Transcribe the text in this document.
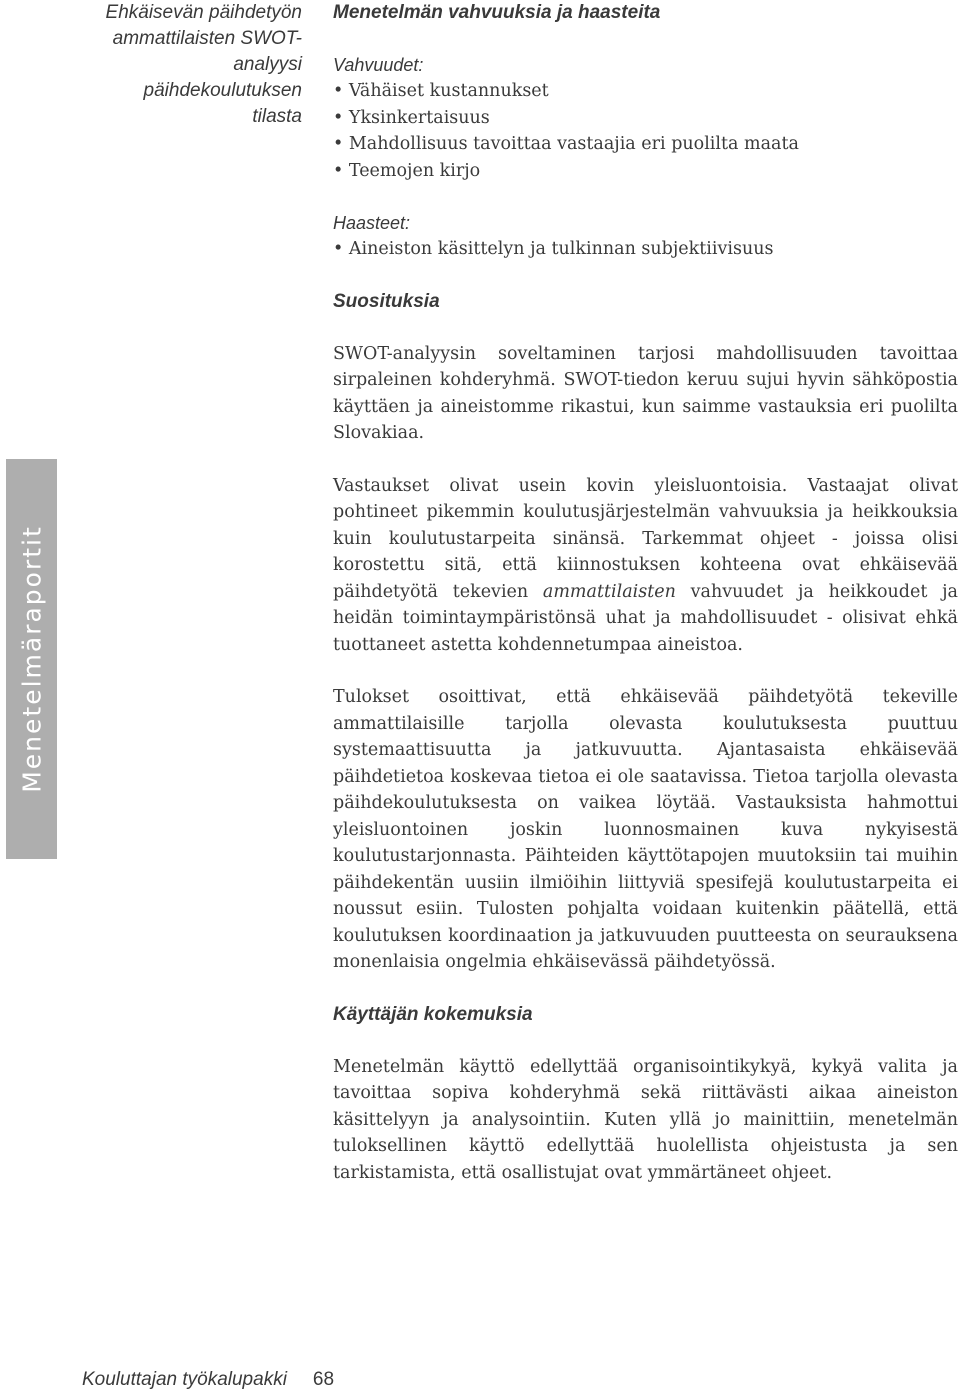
Ehkäisevän päihdetyön
ammattilaisten SWOT-
analyysi
päihdekoulutuksen
tilasta
Menetelmäraportit
Menetelmän vahvuuksia ja haasteita
Vahvuudet:
• Vähäiset kustannukset
• Yksinkertaisuus
• Mahdollisuus tavoittaa vastaajia eri puolilta maata
• Teemojen kirjo
Haasteet:
• Aineiston käsittelyn ja tulkinnan subjektiivisuus
Suosituksia

SWOT-analyysin soveltaminen tarjosi mahdollisuuden tavoittaa sirpaleinen kohderyhmä. SWOT-tiedon keruu sujui hyvin sähköpostia käyttäen ja aineistomme rikastui, kun saimme vastauksia eri puolilta Slovakiaa.

Vastaukset olivat usein kovin yleisluontoisia. Vastaajat olivat pohtineet pikemmin koulutusjärjestelmän vahvuuksia ja heikkouksia kuin koulutustarpeita sinänsä. Tarkemmat ohjeet - joissa olisi korostettu sitä, että kiinnostuksen kohteena ovat ehkäisevää päihdetyötä tekevien ammattilaisten vahvuudet ja heikkoudet ja heidän toimintaympäristönsä uhat ja mahdollisuudet - olisivat ehkä tuottaneet astetta kohdennetumpaa aineistoa.

Tulokset osoittivat, että ehkäisevää päihdetyötä tekeville ammattilaisille tarjolla olevasta koulutuksesta puuttuu systemaattisuutta ja jatkuvuutta. Ajantasaista ehkäisevää päihdetietoa koskevaa tietoa ei ole saatavissa. Tietoa tarjolla olevasta päihdekoulutuksesta on vaikea löytää. Vastauksista hahmottui yleisluontoinen joskin luonnosmainen kuva nykyisestä koulutustarjonnasta. Päihteiden käyttötapojen muutoksiin tai muihin päihdekentän uusiin ilmiöihin liittyviä spesifejä koulutustarpeita ei noussut esiin. Tulosten pohjalta voidaan kuitenkin päätellä, että koulutuksen koordinaation ja jatkuvuuden puutteesta on seurauksena monenlaisia ongelmia ehkäisevässä päihdetyössä.

Käyttäjän kokemuksia

Menetelmän käyttö edellyttää organisointikykyä, kykyä valita ja tavoittaa sopiva kohderyhmä sekä riittävästi aikaa aineiston käsittelyyn ja analysointiin. Kuten yllä jo mainittiin, menetelmän tuloksellinen käyttö edellyttää huolellista ohjeistusta ja sen tarkistamista, että osallistujat ovat ymmärtäneet ohjeet.

Kouluttajan työkalupakki 68
